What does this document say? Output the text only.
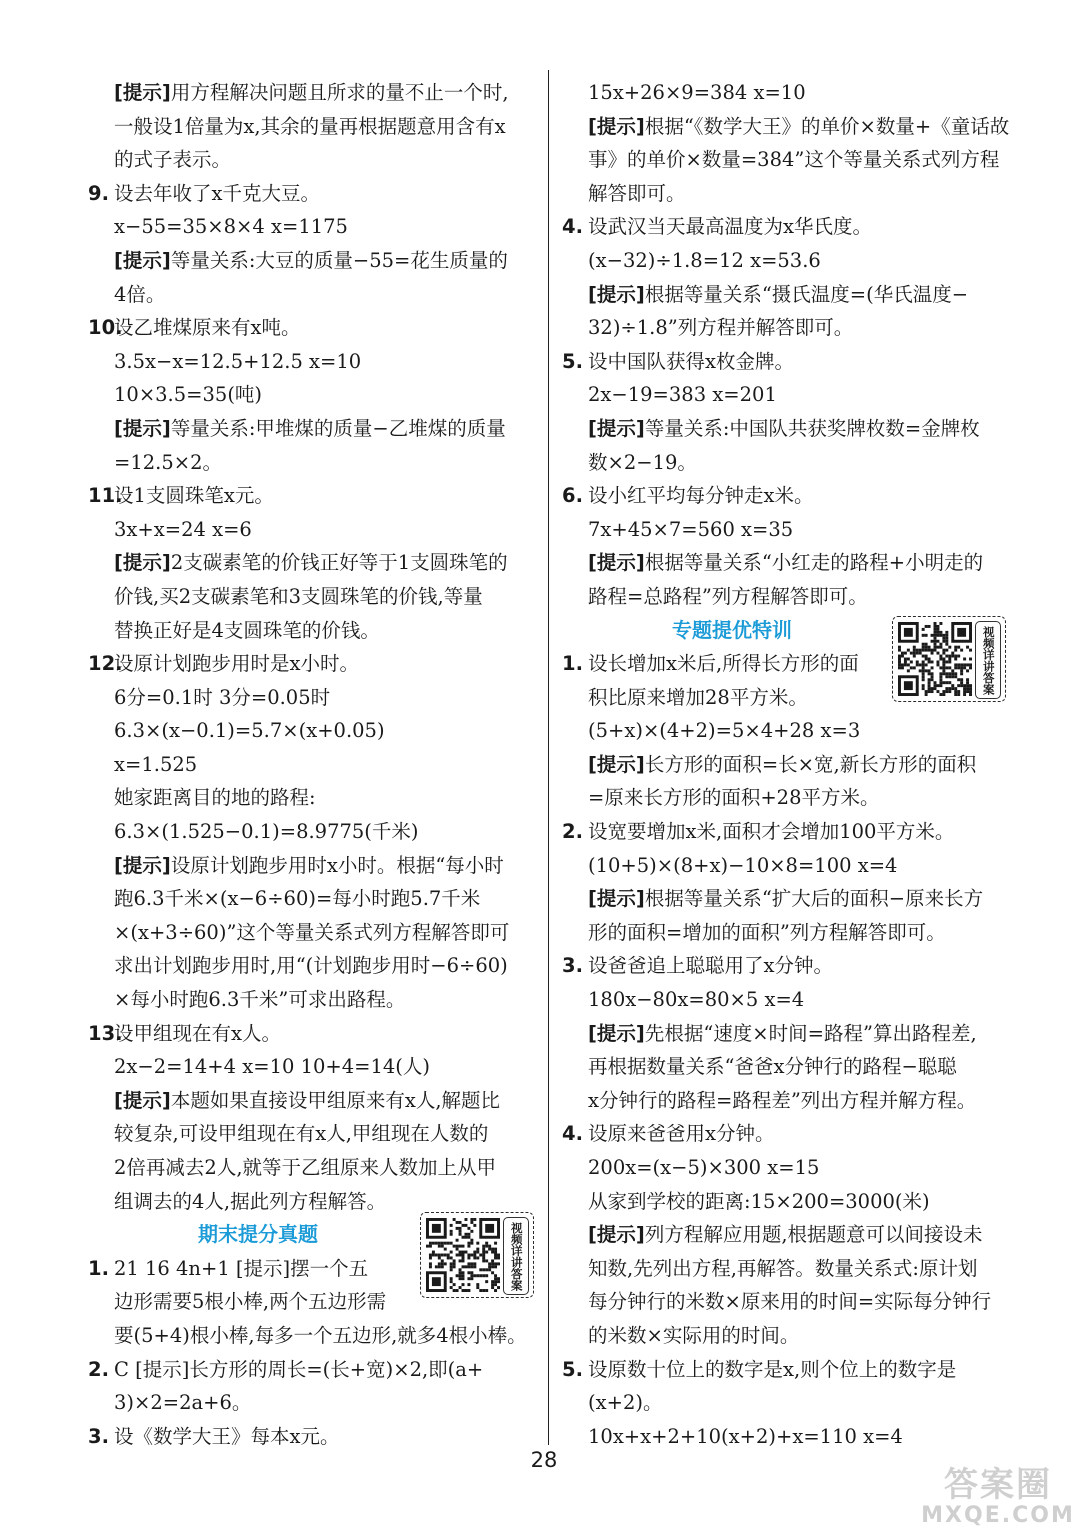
[提示]用方程解决问题且所求的量不止一个时,
一般设1倍量为x,其余的量再根据题意用含有x
的式子表示。
9. 设去年收了x千克大豆。
x−55=35×8×4 x=1175
[提示]等量关系:大豆的质量−55=花生质量的
4倍。
10.设乙堆煤原来有x吨。
3.5x−x=12.5+12.5 x=10
10×3.5=35(吨)
[提示]等量关系:甲堆煤的质量−乙堆煤的质量
=12.5×2。
11.设1支圆珠笔x元。
3x+x=24 x=6
[提示]2支碳素笔的价钱正好等于1支圆珠笔的
价钱,买2支碳素笔和3支圆珠笔的价钱,等量
替换正好是4支圆珠笔的价钱。
12.设原计划跑步用时是x小时。
6分=0.1时 3分=0.05时
6.3×(x−0.1)=5.7×(x+0.05)
x=1.525
她家距离目的地的路程:
6.3×(1.525−0.1)=8.9775(千米)
[提示]设原计划跑步用时x小时。根据“每小时
跑6.3千米×(x−6÷60)=每小时跑5.7千米
×(x+3÷60)”这个等量关系式列方程解答即可
求出计划跑步用时,用“(计划跑步用时−6÷60)
×每小时跑6.3千米”可求出路程。
13.设甲组现在有x人。
2x−2=14+4 x=10 10+4=14(人)
[提示]本题如果直接设甲组原来有x人,解题比
较复杂,可设甲组现在有x人,甲组现在人数的
2倍再减去2人,就等于乙组原来人数加上从甲
组调去的4人,据此列方程解答。
期末提分真题
1. 21 16 4n+1 [提示]摆一个五
边形需要5根小棒,两个五边形需
要(5+4)根小棒,每多一个五边形,就多4根小棒。
2. C [提示]长方形的周长=(长+宽)×2,即(a+
3)×2=2a+6。
3. 设《数学大王》每本x元。
15x+26×9=384 x=10
[提示]根据“《数学大王》的单价×数量+《童话故
事》的单价×数量=384”这个等量关系式列方程
解答即可。
4. 设武汉当天最高温度为x华氏度。
(x−32)÷1.8=12 x=53.6
[提示]根据等量关系“摄氏温度=(华氏温度−
32)÷1.8”列方程并解答即可。
5. 设中国队获得x枚金牌。
2x−19=383 x=201
[提示]等量关系:中国队共获奖牌枚数=金牌枚
数×2−19。
6. 设小红平均每分钟走x米。
7x+45×7=560 x=35
[提示]根据等量关系“小红走的路程+小明走的
路程=总路程”列方程解答即可。
专题提优特训
1. 设长增加x米后,所得长方形的面
积比原来增加28平方米。
(5+x)×(4+2)=5×4+28 x=3
[提示]长方形的面积=长×宽,新长方形的面积
=原来长方形的面积+28平方米。
2. 设宽要增加x米,面积才会增加100平方米。
(10+5)×(8+x)−10×8=100 x=4
[提示]根据等量关系“扩大后的面积−原来长方
形的面积=增加的面积”列方程解答即可。
3. 设爸爸追上聪聪用了x分钟。
180x−80x=80×5 x=4
[提示]先根据“速度×时间=路程”算出路程差,
再根据数量关系“爸爸x分钟行的路程−聪聪
x分钟行的路程=路程差”列出方程并解方程。
4. 设原来爸爸用x分钟。
200x=(x−5)×300 x=15
从家到学校的距离:15×200=3000(米)
[提示]列方程解应用题,根据题意可以间接设未
知数,先列出方程,再解答。数量关系式:原计划
每分钟行的米数×原来用的时间=实际每分钟行
的米数×实际用的时间。
5. 设原数十位上的数字是x,则个位上的数字是
(x+2)。
10x+x+2+10(x+2)+x=110 x=4
视频详讲答案
视频详讲答案
28
答案圈
MXQE.COM
